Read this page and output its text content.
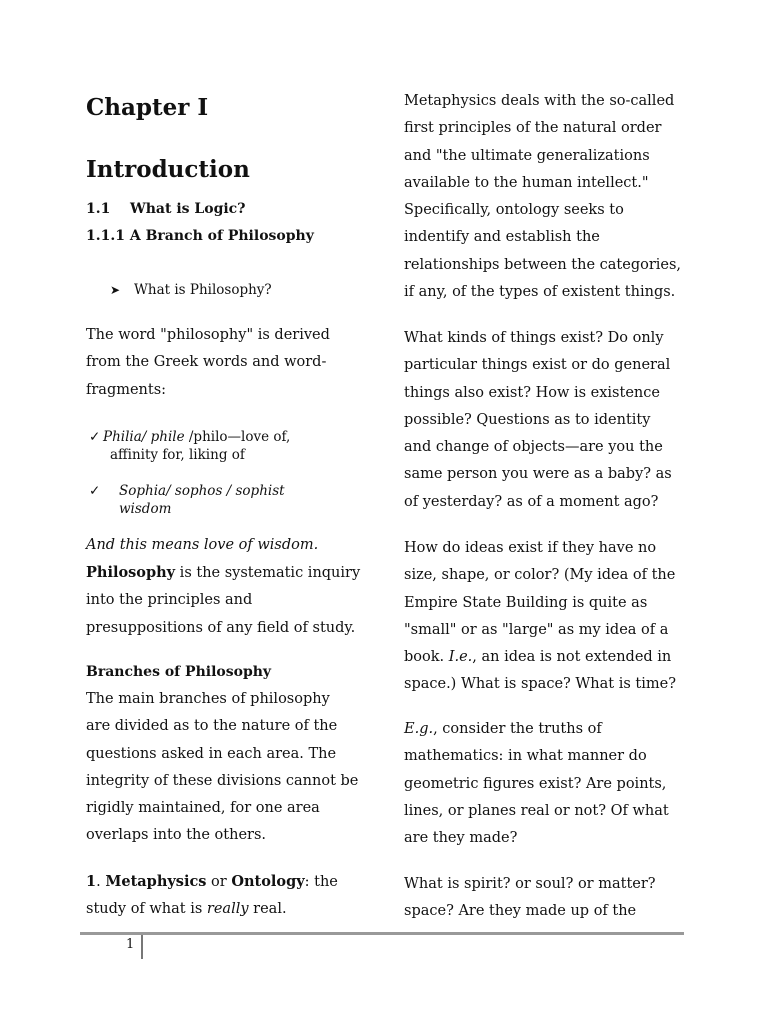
Chapter I
Introduction
1.1 What is Logic?
1.1.1 A Branch of Philosophy
➤ What is Philosophy?
The word "philosophy" is derived
from the Greek words and word-
fragments:
✓ Philia/ phile /philo—love of,
affinity for, liking of
✓ Sophia/ sophos / sophist
wisdom
And this means love of wisdom.
Philosophy is the systematic inquiry
into the principles and
presuppositions of any field of study.
Branches of Philosophy
The main branches of philosophy
are divided as to the nature of the
questions asked in each area. The
integrity of these divisions cannot be
rigidly maintained, for one area
overlaps into the others.
1. Metaphysics or Ontology: the
study of what is really real.
Metaphysics deals with the so-called
first principles of the natural order
and "the ultimate generalizations
available to the human intellect."
Specifically, ontology seeks to
indentify and establish the
relationships between the categories,
if any, of the types of existent things.
What kinds of things exist? Do only
particular things exist or do general
things also exist? How is existence
possible? Questions as to identity
and change of objects—are you the
same person you were as a baby? as
of yesterday? as of a moment ago?
How do ideas exist if they have no
size, shape, or color? (My idea of the
Empire State Building is quite as
"small" or as "large" as my idea of a
book. I.e., an idea is not extended in
space.) What is space? What is time?
E.g., consider the truths of
mathematics: in what manner do
geometric figures exist? Are points,
lines, or planes real or not? Of what
are they made?
What is spirit? or soul? or matter?
space? Are they made up of the
1
